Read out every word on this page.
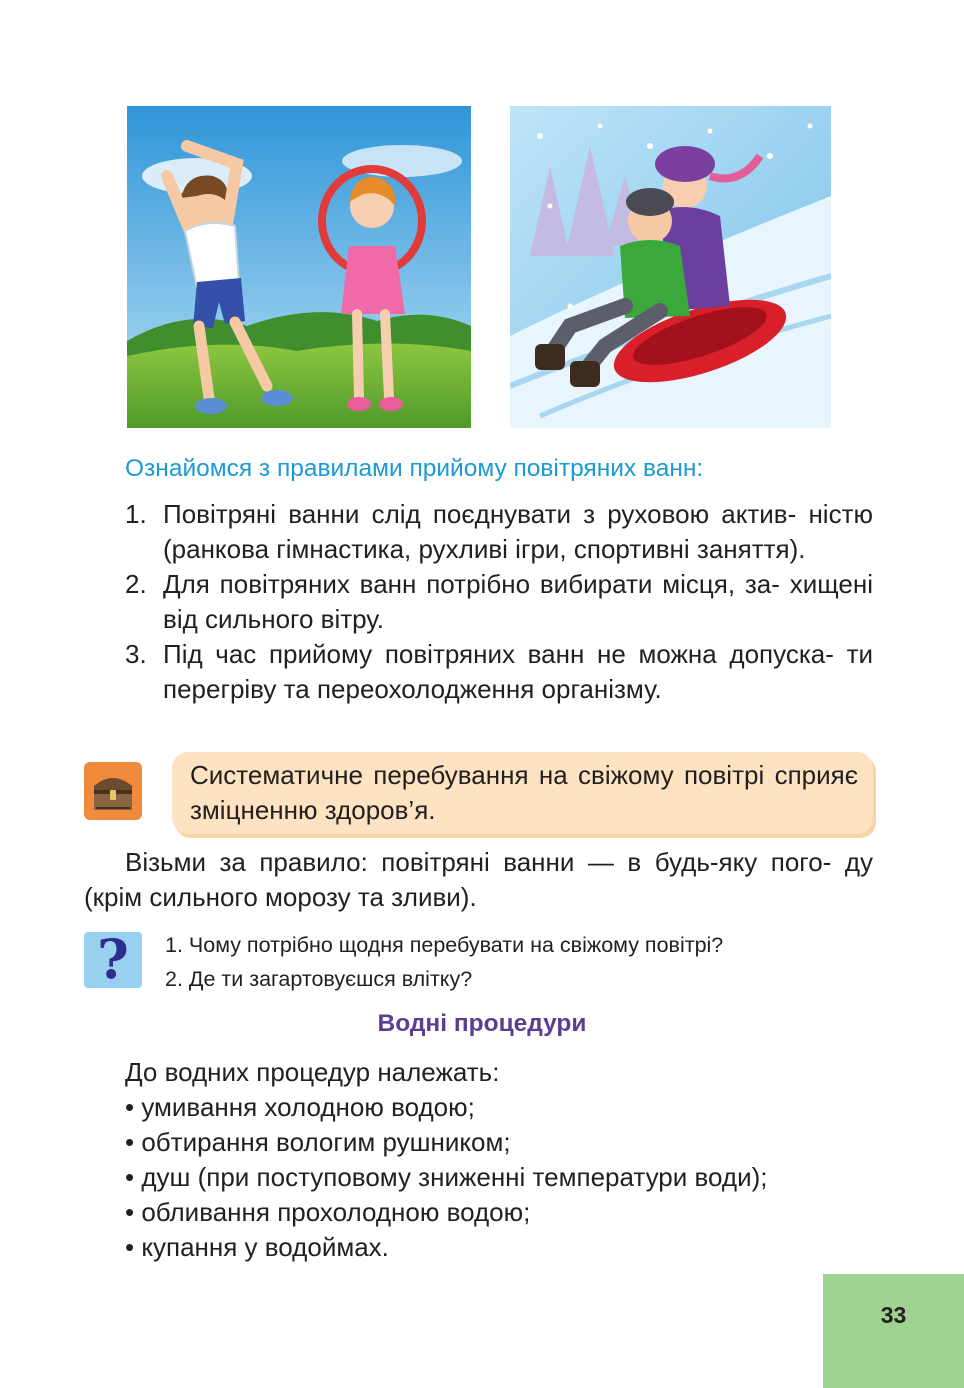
Ознайомся з правилами прийому повітряних ванн:
1. Повітряні ванни слід поєднувати з руховою актив- ністю (ранкова гімнастика, рухливі ігри, спортивні заняття).
2. Для повітряних ванн потрібно вибирати місця, за- хищені від сильного вітру.
3. Під час прийому повітряних ванн не можна допуска- ти перегріву та переохолодження організму.
Систематичне перебування на свіжому повітрі сприяє зміцненню здоров’я.
Візьми за правило: повітряні ванни — в будь-яку пого- ду (крім сильного морозу та зливи).
?	1. Чому потрібно щодня перебувати на свіжому повітрі?
2. Де ти загартовуєшся влітку?
Водні процедури
До водних процедур належать:
• умивання холодною водою;
• обтирання вологим рушником;
• душ (при поступовому зниженні температури води);
• обливання прохолодною водою;
• купання у водоймах.
33
